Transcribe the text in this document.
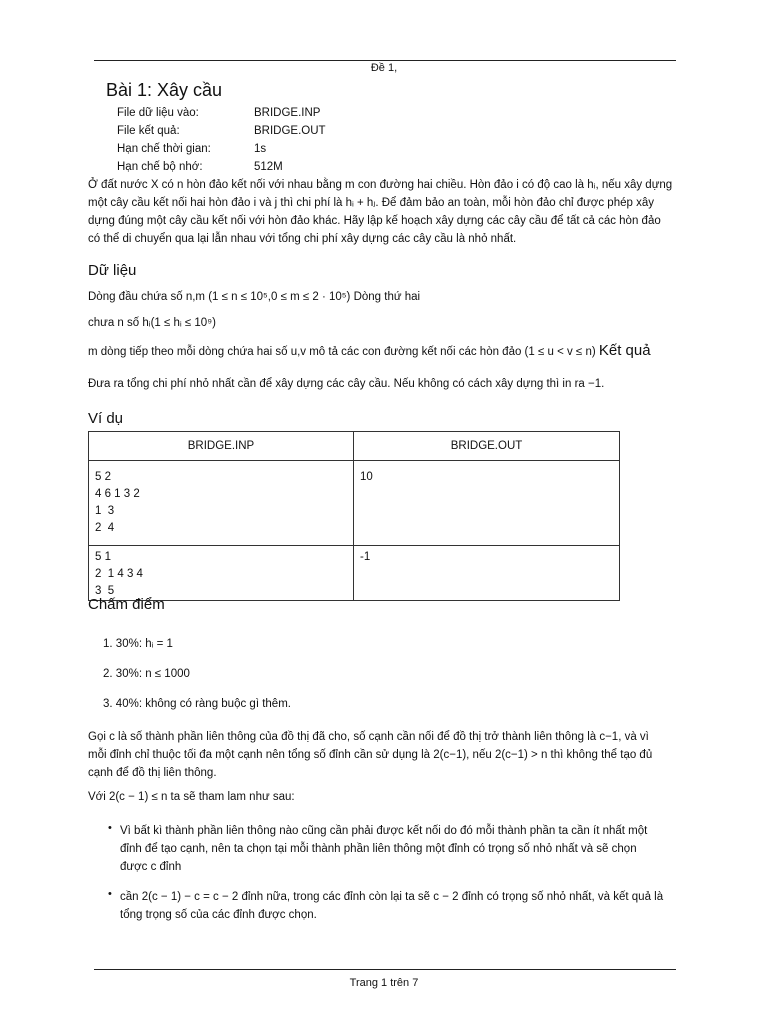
Đề 1,
Bài 1: Xây cầu
File dữ liệu vào:	BRIDGE.INP
File kết quả:	BRIDGE.OUT
Hạn chế thời gian:	1s
Hạn chế bộ nhớ:	512M
Ở đất nước X có n hòn đảo kết nối với nhau bằng m con đường hai chiều. Hòn đảo i có độ cao là hᵢ, nếu xây dựng
một cây cầu kết nối hai hòn đảo i và j thì chi phí là hᵢ + hⱼ. Để đảm bảo an toàn, mỗi hòn đảo chỉ được phép xây
dựng đúng một cây cầu kết nối với hòn đảo khác. Hãy lập kế hoạch xây dựng các cây cầu để tất cả các hòn đảo
có thể di chuyển qua lại lẫn nhau với tổng chi phí xây dựng các cây cầu là nhỏ nhất.
Dữ liệu
Dòng đầu chứa số n,m (1 ≤ n ≤ 10⁵,0 ≤ m ≤ 2 · 10⁵) Dòng thứ hai
chưa n số hᵢ(1 ≤ hᵢ ≤ 10⁹)
m dòng tiếp theo mỗi dòng chứa hai số u,v mô tả các con đường kết nối các hòn đảo (1 ≤ u < v ≤ n) Kết quả
Đưa ra tổng chi phí nhỏ nhất cần để xây dựng các cây cầu. Nếu không có cách xây dựng thì in ra −1.
Ví dụ
BRIDGE.INP	BRIDGE.OUT

5 2
4 6 1 3 2
1  3
2  4	10

5 1
2  1 4 3 4
3  5	-1
Chấm điểm
1. 30%: hᵢ = 1
2. 30%: n ≤ 1000
3. 40%: không có ràng buộc gì thêm.
Gọi c là số thành phần liên thông của đồ thị đã cho, số cạnh cần nối để đồ thị trở thành liên thông là c−1, và vì
mỗi đỉnh chỉ thuộc tối đa một cạnh nên tổng số đỉnh cần sử dụng là 2(c−1), nếu 2(c−1) > n thì không thể tạo đủ
cạnh để đồ thị liên thông.
Với 2(c − 1) ≤ n ta sẽ tham lam như sau:
• Vì bất kì thành phần liên thông nào cũng cần phải được kết nối do đó mỗi thành phần ta cần ít nhất một
đỉnh để tạo cạnh, nên ta chọn tại mỗi thành phần liên thông một đỉnh có trọng số nhỏ nhất và sẽ chọn
được c đỉnh
• cần 2(c − 1) − c = c − 2 đỉnh nữa, trong các đỉnh còn lại ta sẽ c − 2 đỉnh có trọng số nhỏ nhất, và kết quả là
tổng trọng số của các đỉnh được chọn.
Trang 1 trên 7
